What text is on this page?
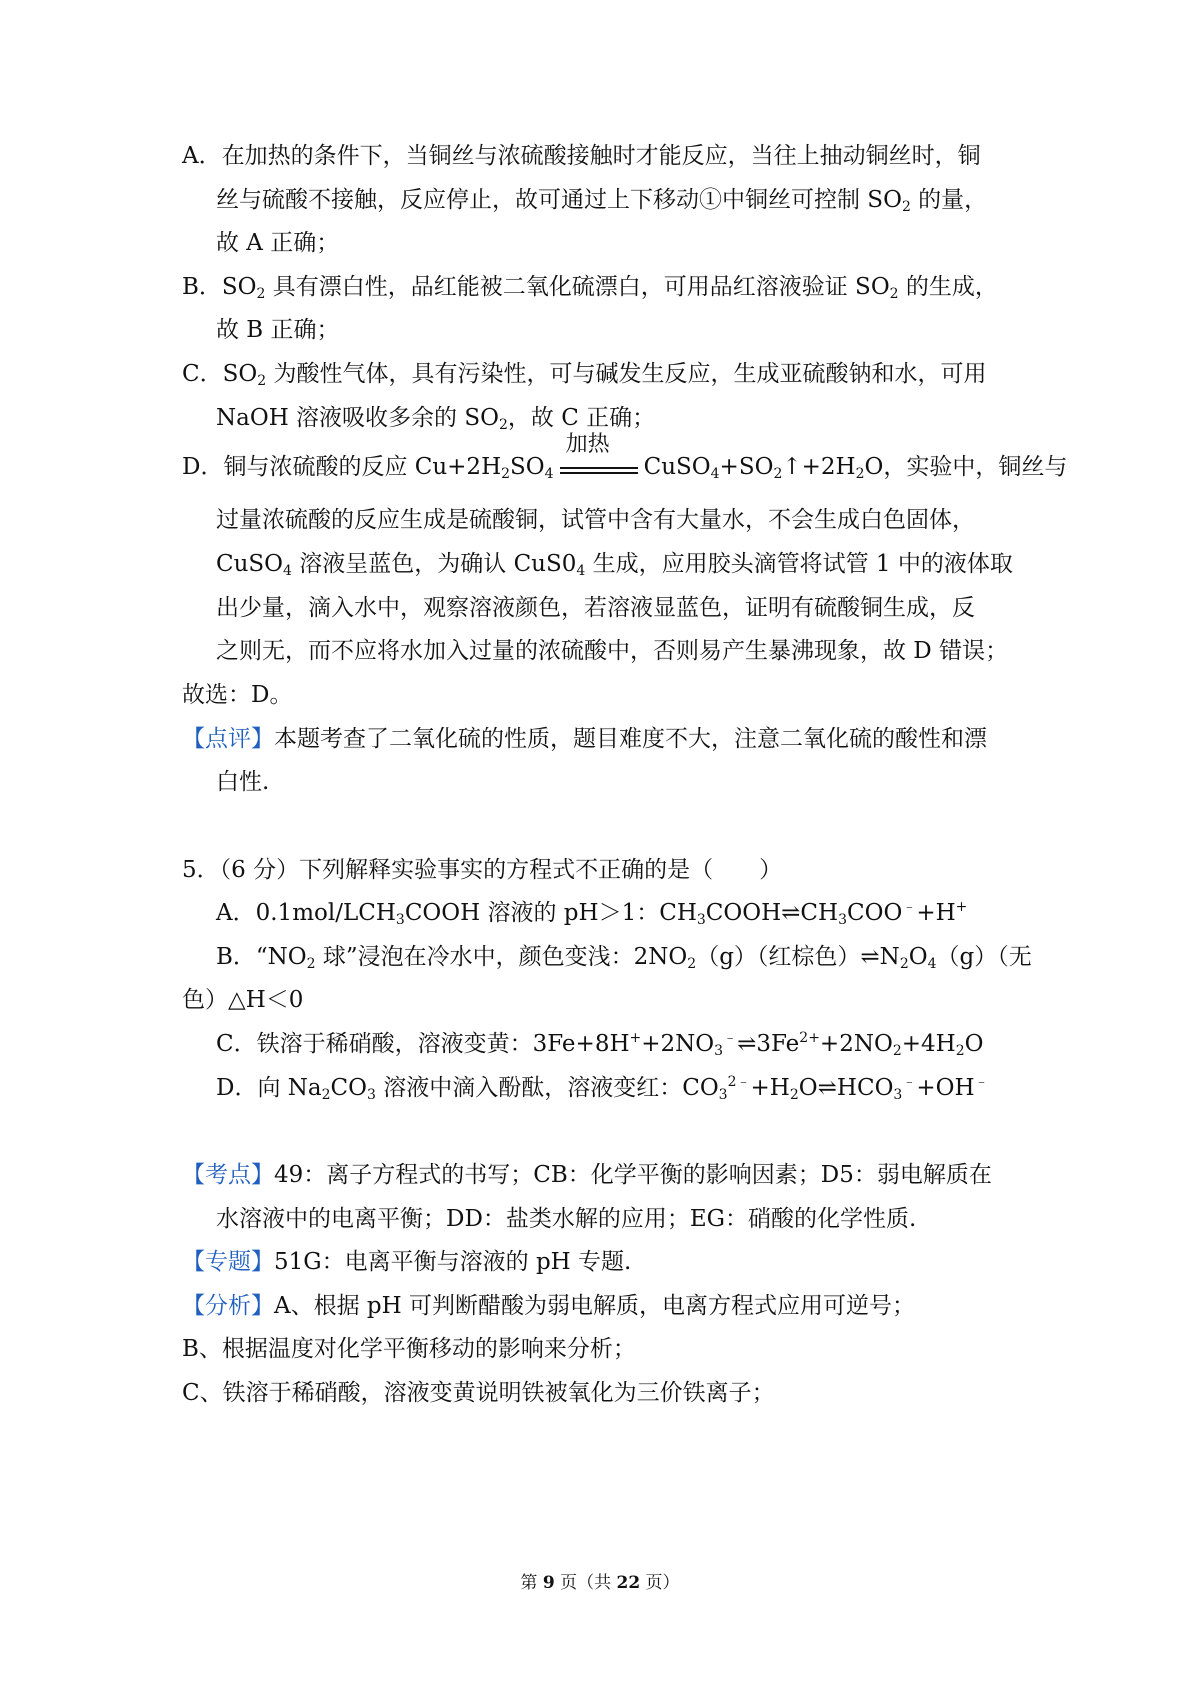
A．在加热的条件下，当铜丝与浓硫酸接触时才能反应，当往上抽动铜丝时，铜
丝与硫酸不接触，反应停止，故可通过上下移动①中铜丝可控制 $SO_2$ 的量，
故 A 正确；
B．$SO_2$ 具有漂白性，品红能被二氧化硫漂白，可用品红溶液验证 $SO_2$ 的生成，
故 B 正确；
C．$SO_2$ 为酸性气体，具有污染性，可与碱发生反应，生成亚硫酸钠和水，可用
NaOH 溶液吸收多余的 $SO_2$，故 C 正确；
D．铜与浓硫酸的反应 $Cu+2H_2SO_4$
加热
$CuSO_4+SO_2↑+2H_2O$，实验中，铜丝与
过量浓硫酸的反应生成是硫酸铜，试管中含有大量水，不会生成白色固体，
CuSO$_4$ 溶液呈蓝色，为确认 $CuS0_4$ 生成，应用胶头滴管将试管 1 中的液体取
出少量，滴入水中，观察溶液颜色，若溶液显蓝色，证明有硫酸铜生成，反
之则无，而不应将水加入过量的浓硫酸中，否则易产生暴沸现象，故 D 错误；
故选：D。
【点评】本题考查了二氧化硫的性质，题目难度不大，注意二氧化硫的酸性和漂
白性.
5．（6 分）下列解释实验事实的方程式不正确的是（　　）
A．$0.1mol/LCH_3COOH$ 溶液的 pH＞1：$CH_3COOH\rightleftharpoons CH_3COO^﹣+H^+$
B．“$NO_2$ 球”浸泡在冷水中，颜色变浅：$2NO_2(g)$（红棕色）$\rightleftharpoons N_2O_4(g)$（无
色）△H＜0
C．铁溶于稀硝酸，溶液变黄：$3Fe+8H^++2NO_3^﹣\rightleftharpoons 3Fe^{2+}+2NO_2+4H_2O$
D．向 $Na_2CO_3$ 溶液中滴入酚酞，溶液变红：$CO_3^{2﹣}+H_2O\rightleftharpoons HCO_3^﹣+OH^﹣$
【考点】49：离子方程式的书写；CB：化学平衡的影响因素；D5：弱电解质在
水溶液中的电离平衡；DD：盐类水解的应用；EG：硝酸的化学性质.
【专题】51G：电离平衡与溶液的 pH 专题.
【分析】A、根据 pH 可判断醋酸为弱电解质，电离方程式应用可逆号；
B、根据温度对化学平衡移动的影响来分析；
C、铁溶于稀硝酸，溶液变黄说明铁被氧化为三价铁离子；
第 9 页（共 22 页）
